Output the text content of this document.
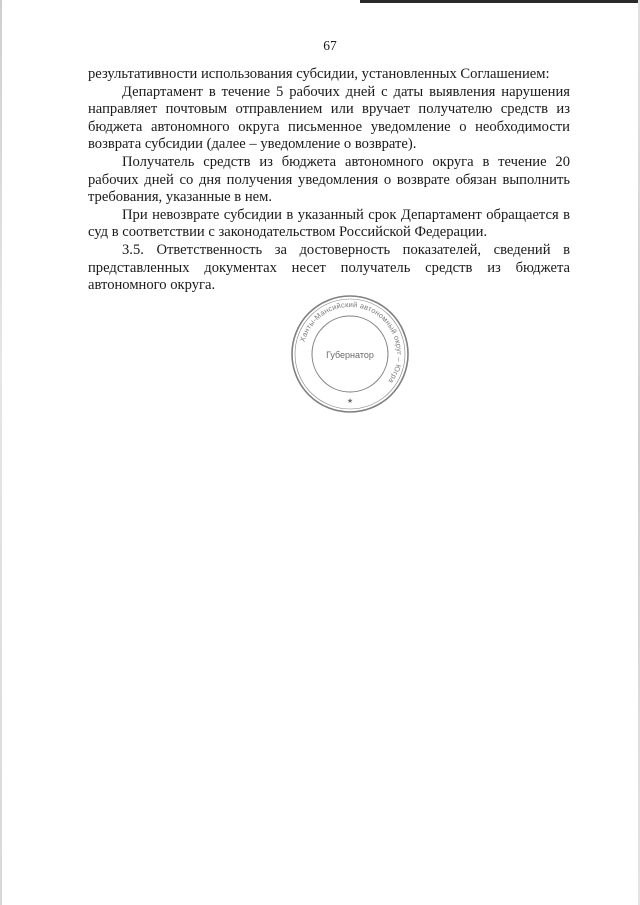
67

результативности использования субсидии, установленных Соглашением:

Департамент в течение 5 рабочих дней с даты выявления нарушения направляет почтовым отправлением или вручает получателю средств из бюджета автономного округа письменное уведомление о необходимости возврата субсидии (далее – уведомление о возврате).

Получатель средств из бюджета автономного округа в течение 20 рабочих дней со дня получения уведомления о возврате обязан выполнить требования, указанные в нем.

При невозврате субсидии в указанный срок Департамент обращается в суд в соответствии с законодательством Российской Федерации.

3.5. Ответственность за достоверность показателей, сведений в представленных документах несет получатель средств из бюджета автономного округа.

Ханты-Мансийский автономный округ – Югра
Губернатор
★
